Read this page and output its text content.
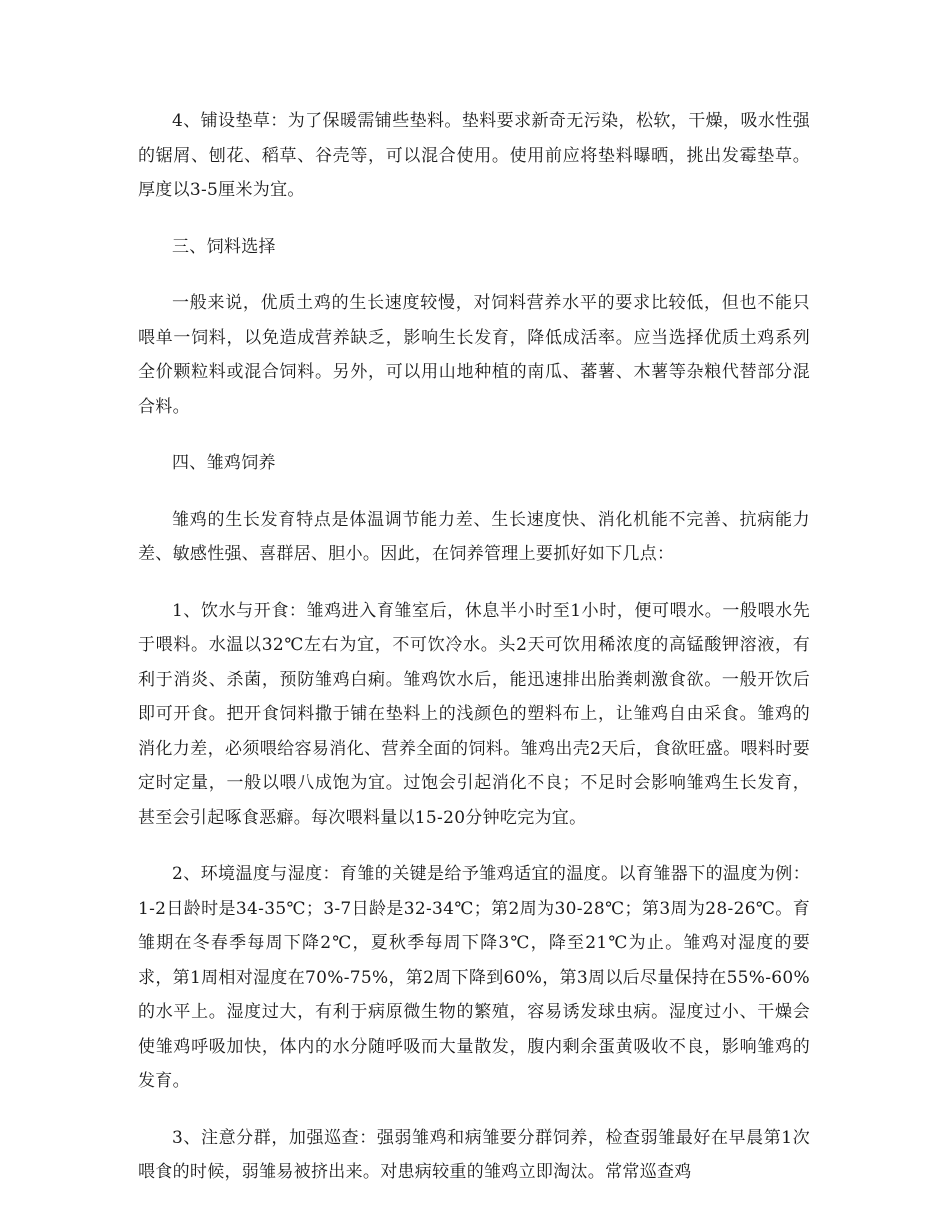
4、铺设垫草：为了保暖需铺些垫料。垫料要求新奇无污染，松软，干燥，吸水性强的锯屑、刨花、稻草、谷壳等，可以混合使用。使用前应将垫料曝晒，挑出发霉垫草。厚度以3-5厘米为宜。

三、饲料选择

一般来说，优质土鸡的生长速度较慢，对饲料营养水平的要求比较低，但也不能只喂单一饲料，以免造成营养缺乏，影响生长发育，降低成活率。应当选择优质土鸡系列全价颗粒料或混合饲料。另外，可以用山地种植的南瓜、蕃薯、木薯等杂粮代替部分混合料。

四、雏鸡饲养

雏鸡的生长发育特点是体温调节能力差、生长速度快、消化机能不完善、抗病能力差、敏感性强、喜群居、胆小。因此，在饲养管理上要抓好如下几点：

1、饮水与开食：雏鸡进入育雏室后，休息半小时至1小时，便可喂水。一般喂水先于喂料。水温以32℃左右为宜，不可饮冷水。头2天可饮用稀浓度的高锰酸钾溶液，有利于消炎、杀菌，预防雏鸡白痢。雏鸡饮水后，能迅速排出胎粪刺激食欲。一般开饮后即可开食。把开食饲料撒于铺在垫料上的浅颜色的塑料布上，让雏鸡自由采食。雏鸡的消化力差，必须喂给容易消化、营养全面的饲料。雏鸡出壳2天后，食欲旺盛。喂料时要定时定量，一般以喂八成饱为宜。过饱会引起消化不良；不足时会影响雏鸡生长发育，甚至会引起啄食恶癖。每次喂料量以15-20分钟吃完为宜。

2、环境温度与湿度：育雏的关键是给予雏鸡适宜的温度。以育雏器下的温度为例：1-2日龄时是34-35℃；3-7日龄是32-34℃；第2周为30-28℃；第3周为28-26℃。育雏期在冬春季每周下降2℃，夏秋季每周下降3℃，降至21℃为止。雏鸡对湿度的要求，第1周相对湿度在70%-75%，第2周下降到60%，第3周以后尽量保持在55%-60%的水平上。湿度过大，有利于病原微生物的繁殖，容易诱发球虫病。湿度过小、干燥会使雏鸡呼吸加快，体内的水分随呼吸而大量散发，腹内剩余蛋黄吸收不良，影响雏鸡的发育。

3、注意分群，加强巡查：强弱雏鸡和病雏要分群饲养，检查弱雏最好在早晨第1次喂食的时候，弱雏易被挤出来。对患病较重的雏鸡立即淘汰。常常巡查鸡
